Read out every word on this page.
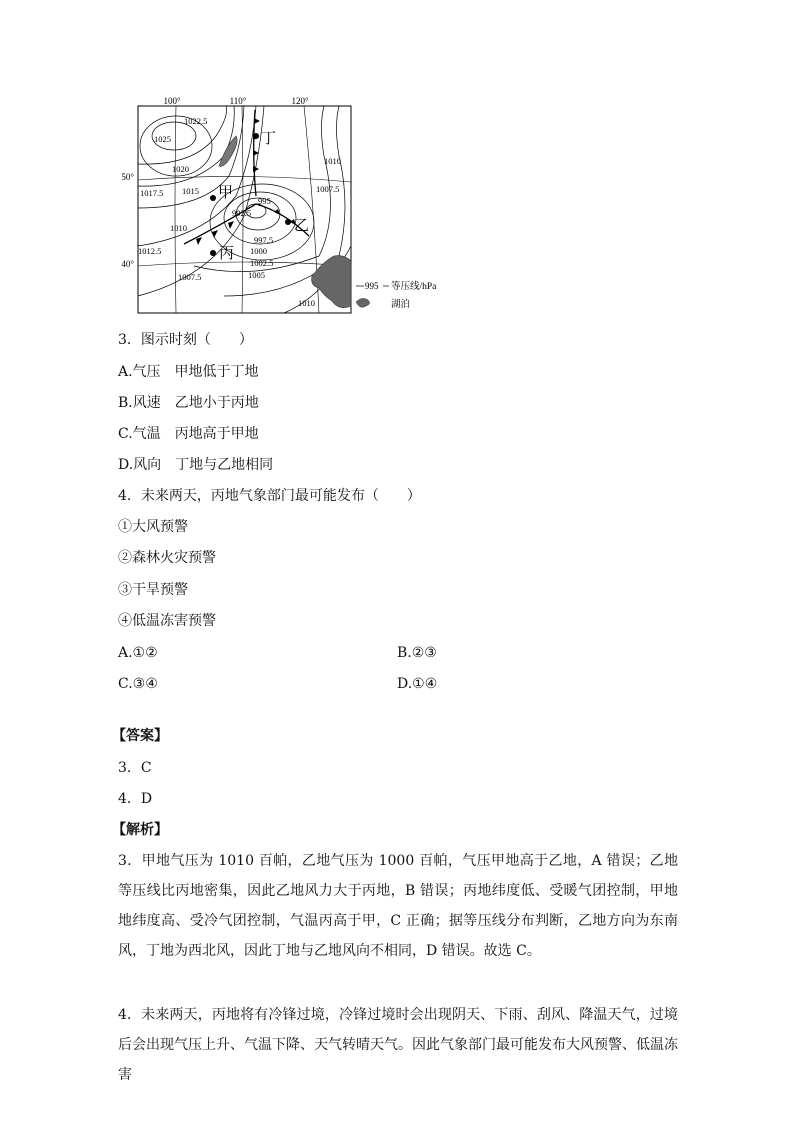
100°	110°	120°
50°
40°
1022.5
1025
1020
1017.5 1015
1012.5
1010
1007.5	1005
1002.5
1000
997.5
995
992.5
1010
1007.5
1010
甲
乙
丙
丁
995 等压线/hPa
湖泊
3．图示时刻（　　）
A.气压　甲地低于丁地
B.风速　乙地小于丙地
C.气温　丙地高于甲地
D.风向　丁地与乙地相同
4．未来两天，丙地气象部门最可能发布（　　）
①大风预警
②森林火灾预警
③干旱预警
④低温冻害预警
A.①②	B.②③
C.③④	D.①④
【答案】
3．C
4．D
【解析】
3．甲地气压为 1010 百帕，乙地气压为 1000 百帕，气压甲地高于乙地，A 错误；乙地等压线比丙地密集，因此乙地风力大于丙地，B 错误；丙地纬度低、受暖气团控制，甲地地纬度高、受冷气团控制，气温丙高于甲，C 正确；据等压线分布判断，乙地方向为东南风，丁地为西北风，因此丁地与乙地风向不相同，D 错误。故选 C。
4．未来两天，丙地将有冷锋过境，冷锋过境时会出现阴天、下雨、刮风、降温天气，过境后会出现气压上升、气温下降、天气转晴天气。因此气象部门最可能发布大风预警、低温冻害
